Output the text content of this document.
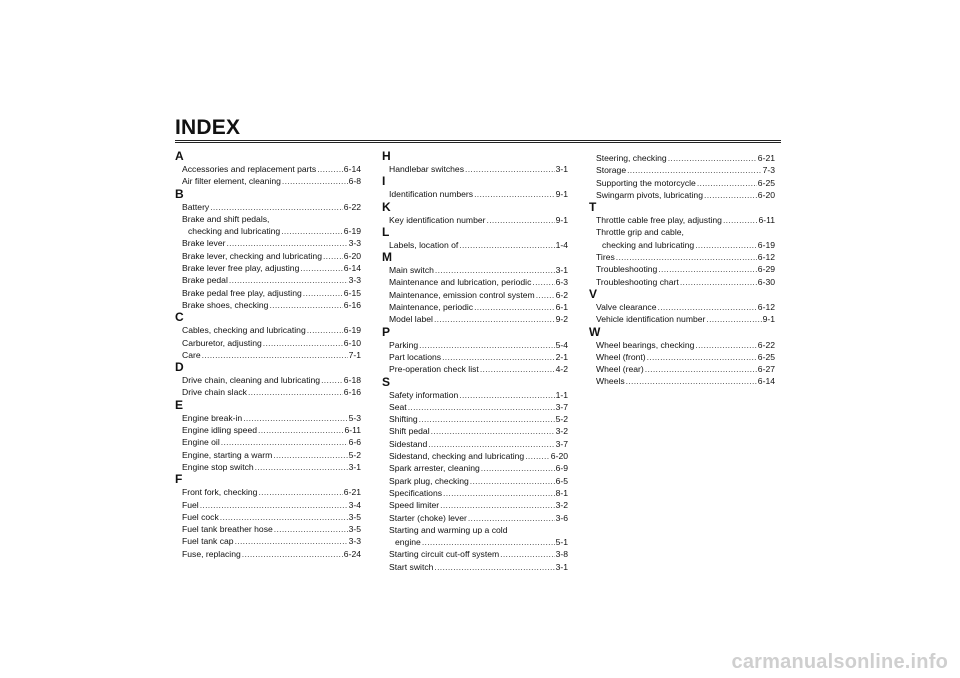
INDEX
A
Accessories and replacement parts .....	6-14
Air filter element, cleaning .....	6-8
B
Battery .....	6-22
Brake and shift pedals,
checking and lubricating .....	6-19
Brake lever .....	3-3
Brake lever, checking and lubricating .....	6-20
Brake lever free play, adjusting .....	6-14
Brake pedal .....	3-3
Brake pedal free play, adjusting .....	6-15
Brake shoes, checking .....	6-16
C
Cables, checking and lubricating .....	6-19
Carburetor, adjusting .....	6-10
Care .....	7-1
D
Drive chain, cleaning and lubricating .....	6-18
Drive chain slack .....	6-16
E
Engine break-in .....	5-3
Engine idling speed .....	6-11
Engine oil .....	6-6
Engine, starting a warm .....	5-2
Engine stop switch .....	3-1
F
Front fork, checking .....	6-21
Fuel .....	3-4
Fuel cock .....	3-5
Fuel tank breather hose .....	3-5
Fuel tank cap .....	3-3
Fuse, replacing .....	6-24
H
Handlebar switches .....	3-1
I
Identification numbers .....	9-1
K
Key identification number .....	9-1
L
Labels, location of .....	1-4
M
Main switch .....	3-1
Maintenance and lubrication, periodic .....	6-3
Maintenance, emission control system ..... 6-2
Maintenance, periodic .....	6-1
Model label .....	9-2
P
Parking .....	5-4
Part locations .....	2-1
Pre-operation check list .....	4-2
S
Safety information .....	1-1
Seat .....	3-7
Shifting .....	5-2
Shift pedal .....	3-2
Sidestand .....	3-7
Sidestand, checking and lubricating .....	6-20
Spark arrester, cleaning .....	6-9
Spark plug, checking .....	6-5
Specifications .....	8-1
Speed limiter .....	3-2
Starter (choke) lever .....	3-6
Starting and warming up a cold
engine .....	5-1
Starting circuit cut-off system .....	3-8
Start switch .....	3-1
Steering, checking .....	6-21
Storage .....	7-3
Supporting the motorcycle .....	6-25
Swingarm pivots, lubricating .....	6-20
T
Throttle cable free play, adjusting .....	6-11
Throttle grip and cable,
checking and lubricating .....	6-19
Tires .....	6-12
Troubleshooting .....	6-29
Troubleshooting chart .....	6-30
V
Valve clearance .....	6-12
Vehicle identification number .....	9-1
W
Wheel bearings, checking .....	6-22
Wheel (front) .....	6-25
Wheel (rear) .....	6-27
Wheels .....	6-14
carmanualsonline.info
